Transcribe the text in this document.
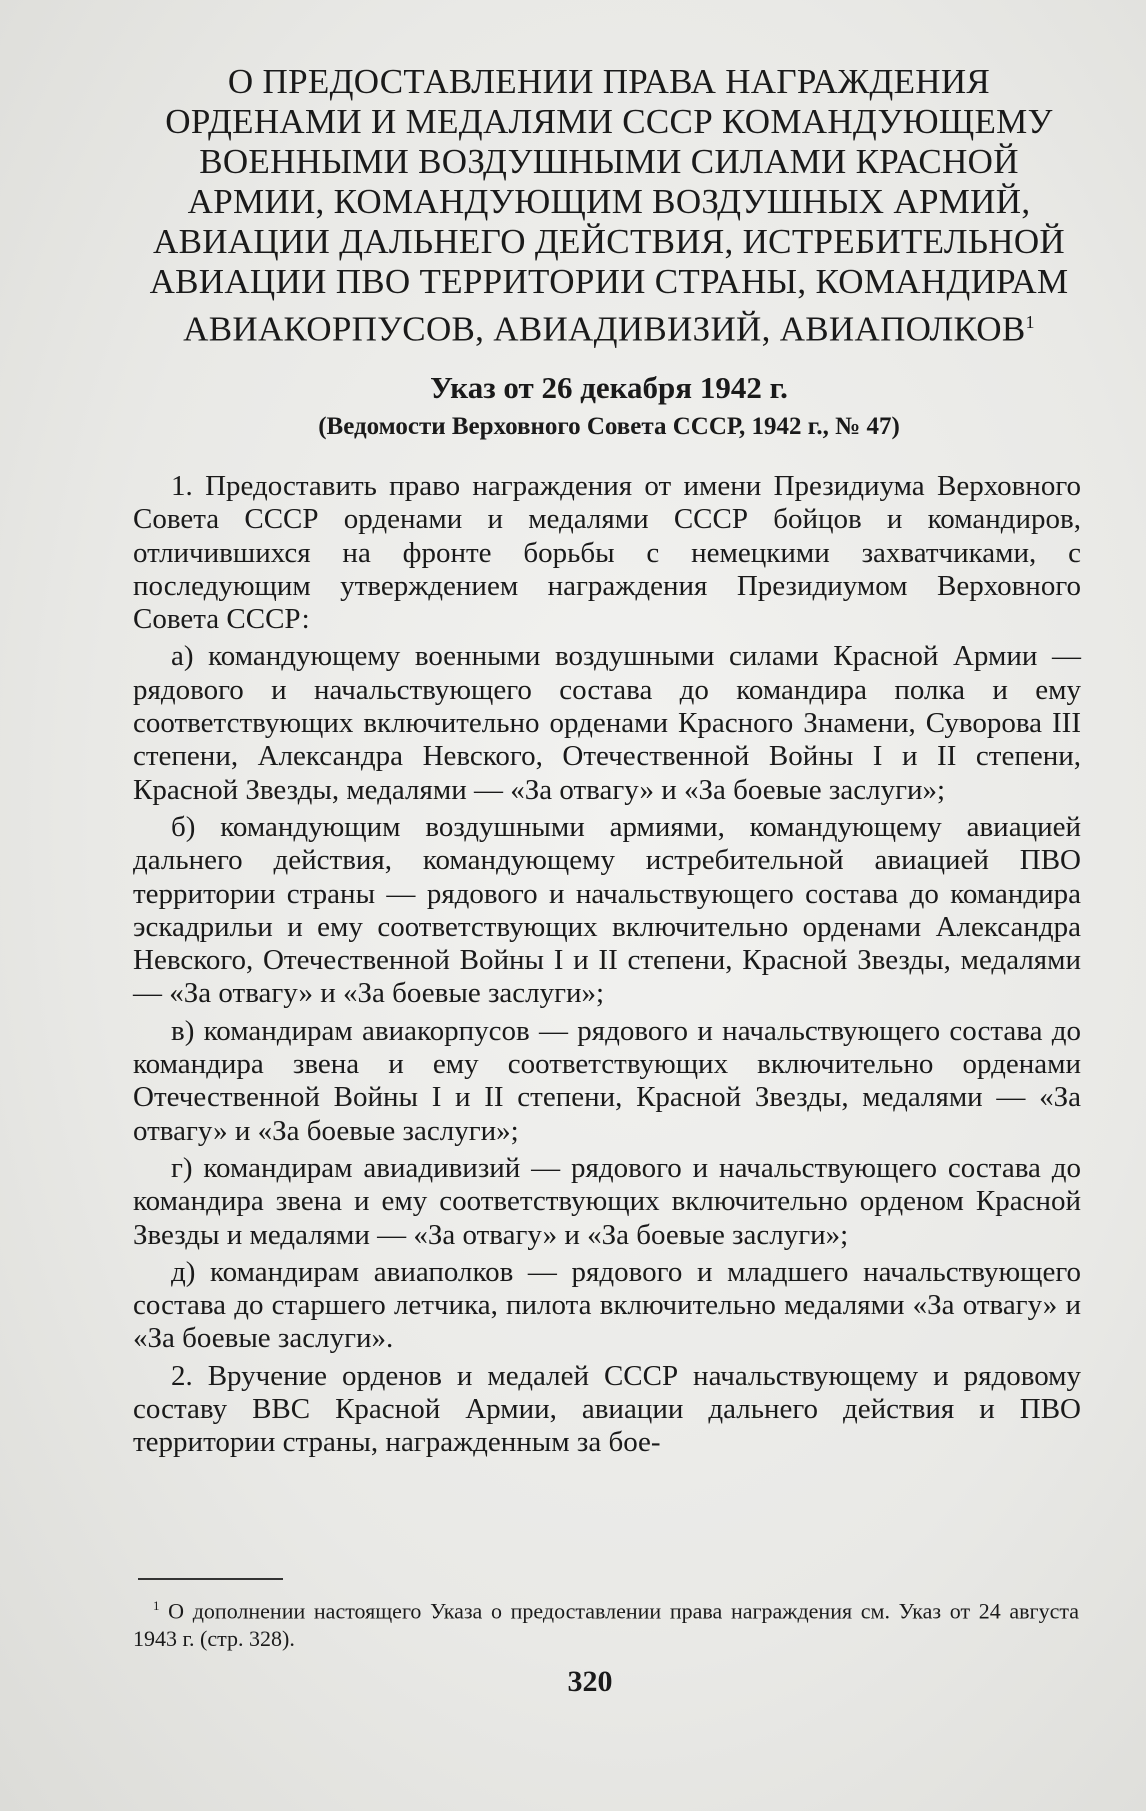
О ПРЕДОСТАВЛЕНИИ ПРАВА НАГРАЖДЕНИЯ
ОРДЕНАМИ И МЕДАЛЯМИ СССР КОМАНДУЮЩЕМУ
ВОЕННЫМИ ВОЗДУШНЫМИ СИЛАМИ КРАСНОЙ
АРМИИ, КОМАНДУЮЩИМ ВОЗДУШНЫХ АРМИЙ,
АВИАЦИИ ДАЛЬНЕГО ДЕЙСТВИЯ, ИСТРЕБИТЕЛЬНОЙ
АВИАЦИИ ПВО ТЕРРИТОРИИ СТРАНЫ, КОМАНДИРАМ
АВИАКОРПУСОВ, АВИАДИВИЗИЙ, АВИАПОЛКОВ$^1$

Указ от 26 декабря 1942 г.

(Ведомости Верховного Совета СССР, 1942 г., № 47)

1. Предоставить право награждения от имени Президиума Верховного Совета СССР орденами и медалями СССР бойцов и командиров, отличившихся на фронте борьбы с немецкими захватчиками, с последующим утверждением награждения Президиумом Верховного Совета СССР:

а) командующему военными воздушными силами Красной Армии — рядового и начальствующего состава до командира полка и ему соответствующих включительно орденами Красного Знамени, Суворова III степени, Александра Невского, Отечественной Войны I и II степени, Красной Звезды, медалями — «За отвагу» и «За боевые заслуги»;

б) командующим воздушными армиями, командующему авиацией дальнего действия, командующему истребительной авиацией ПВО территории страны — рядового и начальствующего состава до командира эскадрильи и ему соответствующих включительно орденами Александра Невского, Отечественной Войны I и II степени, Красной Звезды, медалями — «За отвагу» и «За боевые заслуги»;

в) командирам авиакорпусов — рядового и начальствующего состава до командира звена и ему соответствующих включительно орденами Отечественной Войны I и II степени, Красной Звезды, медалями — «За отвагу» и «За боевые заслуги»;

г) командирам авиадивизий — рядового и начальствующего состава до командира звена и ему соответствующих включительно орденом Красной Звезды и медалями — «За отвагу» и «За боевые заслуги»;

д) командирам авиаполков — рядового и младшего начальствующего состава до старшего летчика, пилота включительно медалями «За отвагу» и «За боевые заслуги».

2. Вручение орденов и медалей СССР начальствующему и рядовому составу ВВС Красной Армии, авиации дальнего действия и ПВО территории страны, награжденным за бое-

$^1$ О дополнении настоящего Указа о предоставлении права награждения см. Указ от 24 августа 1943 г. (стр. 328).

320
